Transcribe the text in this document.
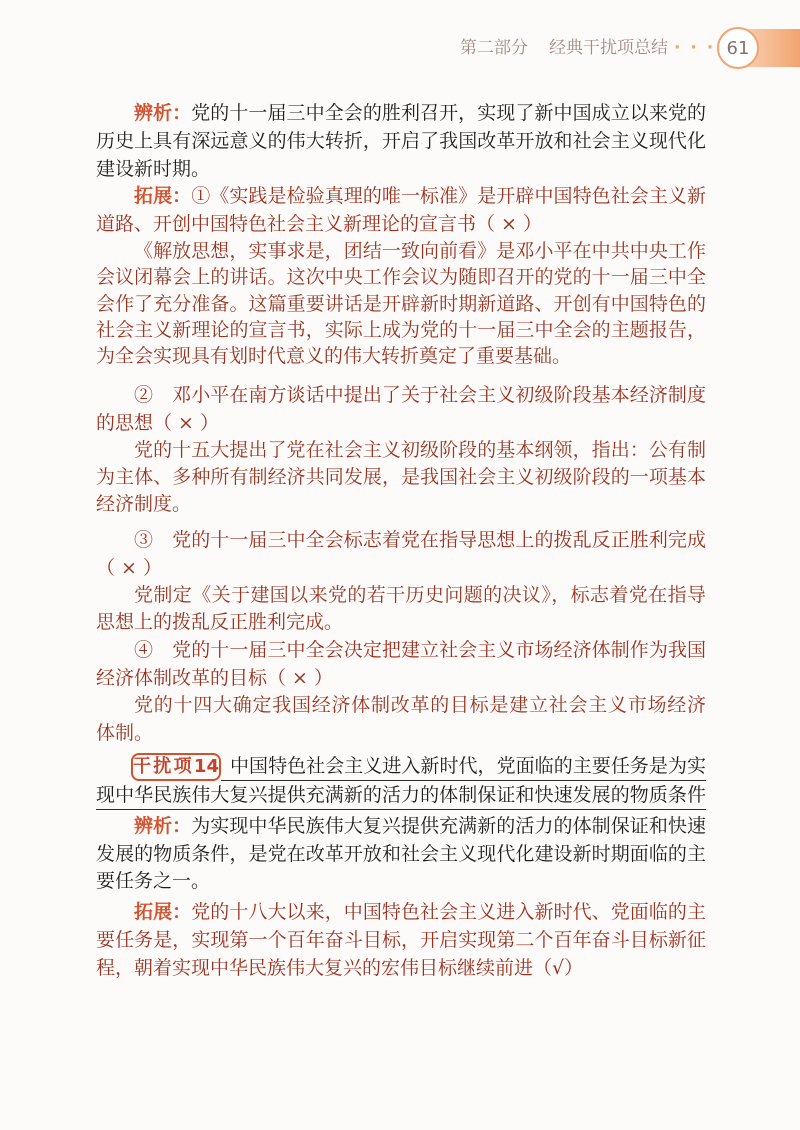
第二部分 经典干扰项总结 · · · 61
辨析：党的十一届三中全会的胜利召开，实现了新中国成立以来党的
历史上具有深远意义的伟大转折，开启了我国改革开放和社会主义现代化
建设新时期。
拓展：①《实践是检验真理的唯一标准》是开辟中国特色社会主义新
道路、开创中国特色社会主义新理论的宣言书（ × ）
《解放思想，实事求是，团结一致向前看》是邓小平在中共中央工作
会议闭幕会上的讲话。这次中央工作会议为随即召开的党的十一届三中全
会作了充分准备。这篇重要讲话是开辟新时期新道路、开创有中国特色的
社会主义新理论的宣言书，实际上成为党的十一届三中全会的主题报告，
为全会实现具有划时代意义的伟大转折奠定了重要基础。
②　邓小平在南方谈话中提出了关于社会主义初级阶段基本经济制度
的思想（ × ）
党的十五大提出了党在社会主义初级阶段的基本纲领，指出：公有制
为主体、多种所有制经济共同发展，是我国社会主义初级阶段的一项基本
经济制度。
③　党的十一届三中全会标志着党在指导思想上的拨乱反正胜利完成
（ × ）
党制定《关于建国以来党的若干历史问题的决议》，标志着党在指导
思想上的拨乱反正胜利完成。
④　党的十一届三中全会决定把建立社会主义市场经济体制作为我国
经济体制改革的目标（ × ）
党的十四大确定我国经济体制改革的目标是建立社会主义市场经济
体制。
干扰项14 中国特色社会主义进入新时代，党面临的主要任务是为实
现中华民族伟大复兴提供充满新的活力的体制保证和快速发展的物质条件
辨析：为实现中华民族伟大复兴提供充满新的活力的体制保证和快速
发展的物质条件，是党在改革开放和社会主义现代化建设新时期面临的主
要任务之一。
拓展：党的十八大以来，中国特色社会主义进入新时代、党面临的主
要任务是，实现第一个百年奋斗目标，开启实现第二个百年奋斗目标新征
程，朝着实现中华民族伟大复兴的宏伟目标继续前进（√）
